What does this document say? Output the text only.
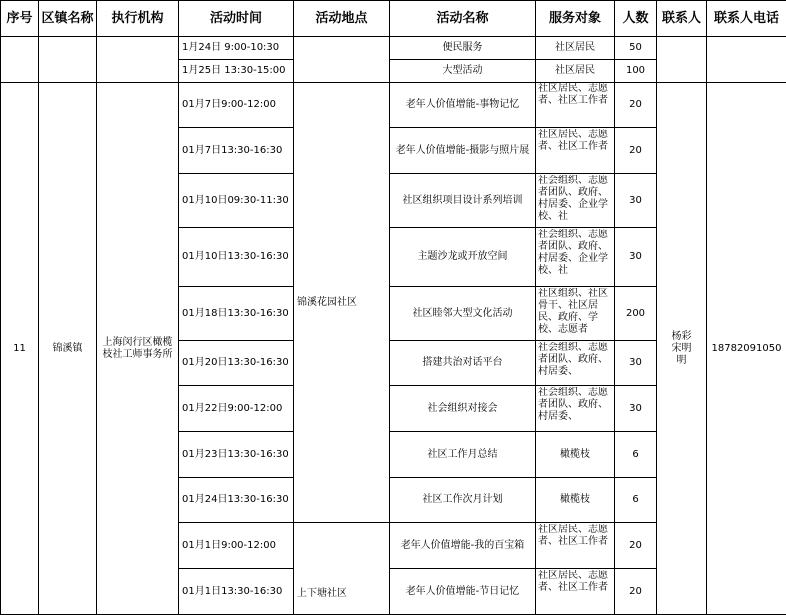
序号	区镇名称	执行机构	活动时间	活动地点	活动名称	服务对象	人数	联系人	联系人电话
			1月24日 9:00-10:30		便民服务	社区居民	50		
			1月25日 13:30-15:00		大型活动	社区居民	100		
11	锦溪镇	上海闵行区橄榄枝社工师事务所	01月7日9:00-12:00	锦溪花园社区	老年人价值增能-事物记忆	社区居民、志愿者、社区工作者	20	杨彩宋明明	18782091050
			01月7日13:30-16:30		老年人价值增能-摄影与照片展	社区居民、志愿者、社区工作者	20		
			01月10日09:30-11:30		社区组织项目设计系列培训	社会组织、志愿者团队、政府、村居委、企业学校、社	30		
			01月10日13:30-16:30		主题沙龙或开放空间	社会组织、志愿者团队、政府、村居委、企业学校、社	30		
			01月18日13:30-16:30		社区睦邻大型文化活动	社区组织、社区骨干、社区居民、政府、学校、志愿者	200		
			01月20日13:30-16:30		搭建共治对话平台	社会组织、志愿者团队、政府、村居委、	30		
			01月22日9:00-12:00		社会组织对接会	社会组织、志愿者团队、政府、村居委、	30		
			01月23日13:30-16:30		社区工作月总结	橄榄枝	6		
			01月24日13:30-16:30		社区工作次月计划	橄榄枝	6		
			01月1日9:00-12:00	上下塘社区	老年人价值增能-我的百宝箱	社区居民、志愿者、社区工作者	20		
			01月1日13:30-16:30		老年人价值增能-节日记忆	社区居民、志愿者、社区工作者	20		
